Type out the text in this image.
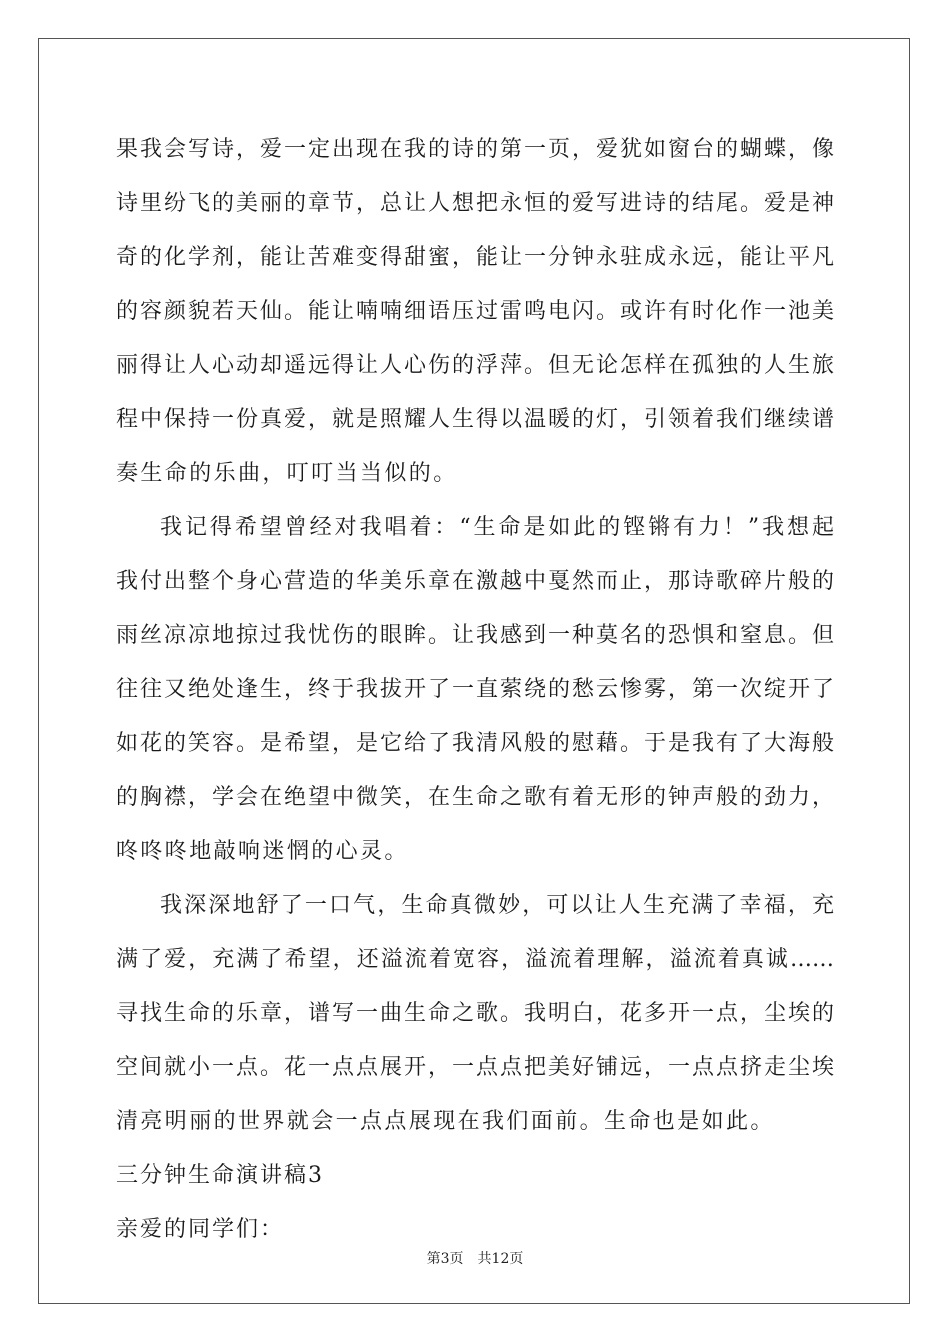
果我会写诗，爱一定出现在我的诗的第一页，爱犹如窗台的蝴蝶，像
诗里纷飞的美丽的章节，总让人想把永恒的爱写进诗的结尾。爱是神
奇的化学剂，能让苦难变得甜蜜，能让一分钟永驻成永远，能让平凡
的容颜貌若天仙。能让喃喃细语压过雷鸣电闪。或许有时化作一池美
丽得让人心动却遥远得让人心伤的浮萍。但无论怎样在孤独的人生旅
程中保持一份真爱，就是照耀人生得以温暖的灯，引领着我们继续谱
奏生命的乐曲，叮叮当当似的。
我记得希望曾经对我唱着：“生命是如此的铿锵有力！”我想起
我付出整个身心营造的华美乐章在激越中戛然而止，那诗歌碎片般的
雨丝凉凉地掠过我忧伤的眼眸。让我感到一种莫名的恐惧和窒息。但
往往又绝处逢生，终于我拔开了一直萦绕的愁云惨雾，第一次绽开了
如花的笑容。是希望，是它给了我清风般的慰藉。于是我有了大海般
的胸襟，学会在绝望中微笑，在生命之歌有着无形的钟声般的劲力，
咚咚咚地敲响迷惘的心灵。
我深深地舒了一口气，生命真微妙，可以让人生充满了幸福，充
满了爱，充满了希望，还溢流着宽容，溢流着理解，溢流着真诚……
寻找生命的乐章，谱写一曲生命之歌。我明白，花多开一点，尘埃的
空间就小一点。花一点点展开，一点点把美好铺远，一点点挤走尘埃
清亮明丽的世界就会一点点展现在我们面前。生命也是如此。
三分钟生命演讲稿3
亲爱的同学们：
第3页　共12页
